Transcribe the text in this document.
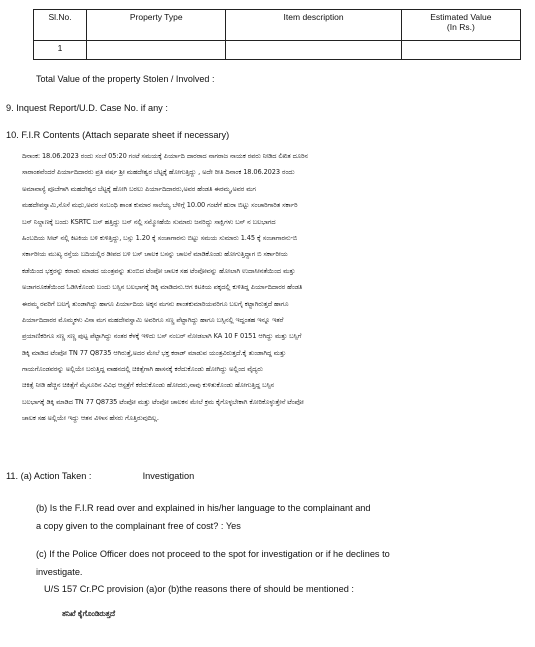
Sl.No.	Property Type	Item description	Estimated Value
(In Rs.)
1			
Total Value of the property Stolen / Involved :
9. Inquest Report/U.D. Case No. if any :
10. F.I.R Contents (Attach separate sheet if necessary)
ದಿನಾಂಕ: 18.06.2023 ರಂದು ಸಂಜೆ 05:20 ಗಂಟೆ ಸಮಯಕ್ಕೆ ಪಿರ್ಯಾದಿ ದಾರರಾದ ನಾಗರಾಜ ನಾಯಕ ರವರು ನೀಡಿದ ಲಿಖಿತ ದೂರಿನ
ಸಾರಾಂಶವೆಂದರೆ ಪಿರ್ಯಾದಿದಾರರು ಪ್ರತಿ ವರ್ಷ ಶ್ರೀ ಮಹದೇಶ್ವರ ಬೆಟ್ಟಕ್ಕೆ ಹೋಗುತ್ತಿದ್ದು , ಅದೇ ರೀತಿ ದಿನಾಂಕ 18.06.2023 ರಂದು
ಅಮಾವಾಸ್ಯೆ ಪೂಜೆಗಾಗಿ ಮಹದೇಶ್ವರ ಬೆಟ್ಟಕ್ಕೆ ಹೋಗಿ ಬರಲು ಪಿರ್ಯಾದಿದಾರರು,ಅವರ ಹೆಂಡತಿ ಈರಮ್ಮ,ಅವರ ಮಗ
ಮಹದೇವಸ್ವಾಮಿ,ಸೊಸೆ ಮಧು,ಅವರ ಸಂಬಂಧಿ ಶಾಂತ ಕುಮಾರ ಸಾಲೆಯ್ಯ ಬೆಳಿಗ್ಗೆ 10.00 ಗಂಟೆಗೆ ಹುರಾ ಬಿಟ್ಟು ಸಂಚಾರಿಗಾರಿತ ಸರ್ಕಾರಿ
ಬಸ್ ನಿಲ್ದಾಣಕ್ಕೆ ಬಂದು KSRTC ಬಸ್ ಹತ್ತಿದ್ದು ಬಸ್ ನಲ್ಲಿ ಸಮ್ಮೋಹೆಯಿ ಸುಮಾರು ಜನರಿದ್ದು ಸಾಕ್ಷಿಗಳು ಬಸ್ ನ ಬಲಭಾಗದ
ಹಿಂಬದಿಯ ಸೀಟ್ ನಲ್ಲಿ ಕಿಟಕಿಯ ಬಳಿ ಕುಳಿತ್ತಿದ್ದು, ಬಸ್ಸು 1.20 ಕ್ಕೆ ಸಂಚಾಗಾರನು ಬಿಟ್ಟು ಸಮಯ ಸುಮಾರು 1.45 ಕ್ಕೆ ಸಂಚಾಗಾರನು-ಬಿ
ಸರ್ಕಾರೀಯ ಮುಖ್ಯ ರಸ್ತೆಯ ಬದಿಯಲ್ಲಿರ ಡೀಪದ ಬಳಿ ಬಸ್ ಚಾಲಕ ಬಸನ್ನು ಚಾಲನೆ ಮಾಡಿಕೊಂಡು ಹೋಗುತ್ತಿದ್ದಾಗ ಬಿ ಸರ್ಕಾರೀಯ
ಕಡೆಯಿಂದ ಭಕ್ತರನ್ನು ಕರಾಡು ಮಾಡದ ಯಂತ್ರವನ್ನು ತುಂಬಿದ ಟೆಂಪೋ ಚಾಲಕ ಸಹ ಟೆಂಪೋವನ್ನು ಹೋಲಾಗಿ ಉದಾಸೀನತೆಯಿಂದ ಮತ್ತು
ಅಜಾಗರೂಕತೆಯಿಂದ ಓಡಿಸಿಕೊಂಡು ಬಂದು ಬಸ್ಸಿನ ಬಲಭಾಗಕ್ಕೆ ಡಿಕ್ಕಿ ಮಾಡಿದನು.ಆಗ ಕಿಟಕಿಯ ಪಕ್ಕದಲ್ಲಿ ಕುಳಿತಿದ್ದ ಪಿರ್ಯಾದಿದಾರರ ಹೆಂಡತಿ
ಈರಮ್ಮ ರವರಿಗೆ ಬಲಗೈ ತುಂಡಾಗಿದ್ದು ಹಾಗೂ ಪಿರ್ಯಾದಿಯ ಅಕ್ಕನ ಮಗನು ಶಾಂತಕುಮಾರಿಯವರಿಗೂ ಬಲಗೈ ಕಟ್ಟಾಗಿರುತ್ತದೆ ಹಾಗೂ
ಪಿರ್ಯಾದಿದಾರರ ಮೊಮ್ಮಕಳು ವಿಸಾ ಮಗ ಮಹದೇವಸ್ವಾಮಿ ಅವರಿಗೂ ಸಣ್ಣ ಪೆಟ್ಟಾಗಿದ್ದು ಹಾಗೂ ಬಸ್ಸಿನಲ್ಲಿ ಇದ್ದಂತಹ ಇನ್ನೂ ಇತರೆ
ಪ್ರಯಾಣಿಕರಿಗೂ ಸಣ್ಣ ಸಣ್ಣ ಪುಟ್ಟ ಪೆಟ್ಟಾಗಿದ್ದು ನಂತರ ಕೆಳಕ್ಕೆ ಇಳಿದು ಬಸ್ ನಂಬರ್ ನೋಡಲಾಗಿ KA 10 F 0151 ಆಗಿದ್ದು ಮತ್ತು ಬಸ್ಸಿಗೆ
ಡಿಕ್ಕಿ ಮಾಡಿದ ಟೆಂಪೋ TN 77 Q8735 ಆಗಿರುತ್ತೆ,ಅದರ ಮೇಲೆ ಭಕ್ತ ಕರಾಡ್ ಮಾಡುವ ಯಂತ್ರವಿರುತ್ತದೆ.ಕೈ ತುಂಡಾಗಿದ್ದ ಮತ್ತು
ಗಾಯಗೊಂಡವರನ್ನು ಅಲ್ಲಿಯೇ ಬರುತ್ತಿದ್ದ ವಾಹನದಲ್ಲಿ ಚಿಕಿತ್ಸೆಗಾಗಿ ಹಾಸನಕ್ಕೆ ಕರೆದುಕೊಂಡು ಹೋಗಿದ್ದು ಅಲ್ಲಿಂದ ವೈದ್ಯರು
ಚಿಕಿತ್ಸೆ ನೀಡಿ ಹೆಚ್ಚಿನ ಚಿಕಿತ್ಸೆಗೆ ಮೈಸೂರಿನ ವಿವಿಧ ಆಸ್ಪತ್ರೆಗೆ ಕರೆದುಕೊಂಡು ಹೋದರು,ನಾವು ಕುಳಿತುಕೊಂಡು ಹೋಗುತ್ತಿದ್ದ ಬಸ್ಸಿನ
ಬಲಭಾಗಕ್ಕೆ ಡಿಕ್ಕಿ ಮಾಡಿದ TN 77 Q8735 ಟೆಂಪೋ ಮತ್ತು ಟೆಂಪೋ ಚಾಲಕನ ಮೇಲೆ ಕ್ರಮ ಕೈಗೊಳ್ಳಬೇಕಾಗಿ ಕೋರಿಕೊಳ್ಳುತ್ತೇನೆ ಟೆಂಪೋ
ಚಾಲಕ ಸಹ ಅಲ್ಲಿಯೇ ಇದ್ದು ಆತನ ವಿಳಾಸ ಹೆಸರು ಗೊತ್ತಿರುವುದಿಲ್ಲ.
11. (a) Action Taken :	Investigation
(b) Is the F.I.R read over and explained in his/her language to the complainant and
a copy given to the complainant free of cost? : Yes
(c) If the Police Officer does not proceed to the spot for investigation or if he declines to
investigate.
U/S 157 Cr.PC provision (a)or (b)the reasons there of should be mentioned :
ತನಿಖೆ ಕೈಗೊಂಡಿರುತ್ತದೆ
